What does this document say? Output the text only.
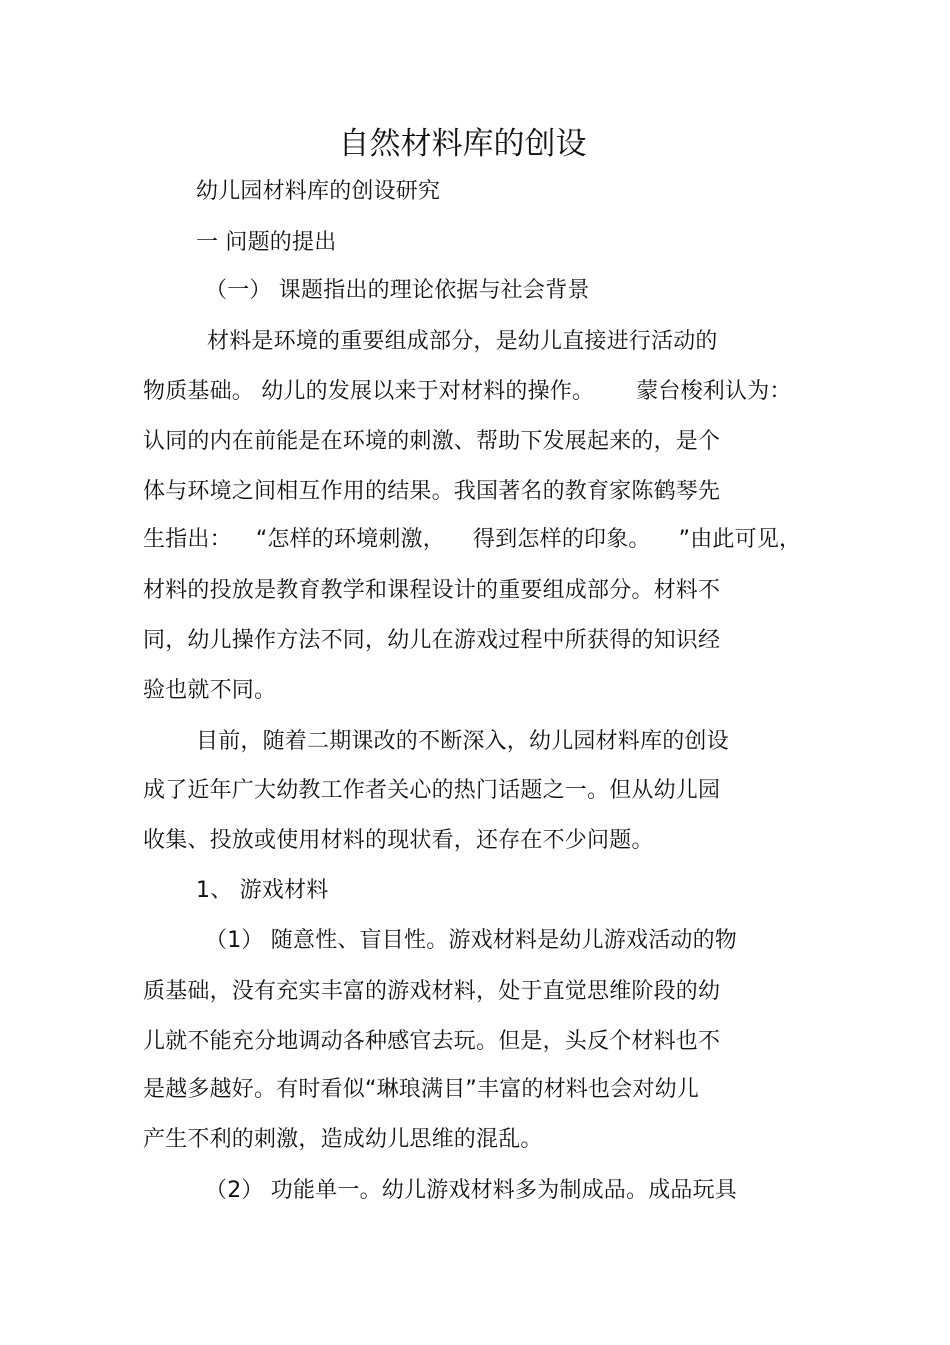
自然材料库的创设
幼儿园材料库的创设研究
一 问题的提出
（一） 课题指出的理论依据与社会背景
材料是环境的重要组成部分，是幼儿直接进行活动的
物质基础。 幼儿的发展以来于对材料的操作。 蒙台梭利认为：
认同的内在前能是在环境的刺激、帮助下发展起来的，是个
体与环境之间相互作用的结果。我国著名的教育家陈鹤琴先
生指出： “怎样的环境刺激， 得到怎样的印象。 ”由此可见，
材料的投放是教育教学和课程设计的重要组成部分。材料不
同，幼儿操作方法不同，幼儿在游戏过程中所获得的知识经
验也就不同。
目前，随着二期课改的不断深入，幼儿园材料库的创设
成了近年广大幼教工作者关心的热门话题之一。但从幼儿园
收集、投放或使用材料的现状看，还存在不少问题。
1、 游戏材料
（1） 随意性、盲目性。游戏材料是幼儿游戏活动的物
质基础，没有充实丰富的游戏材料，处于直觉思维阶段的幼
儿就不能充分地调动各种感官去玩。但是，头反个材料也不
是越多越好。有时看似“琳琅满目”丰富的材料也会对幼儿
产生不利的刺激，造成幼儿思维的混乱。
（2） 功能单一。幼儿游戏材料多为制成品。成品玩具
